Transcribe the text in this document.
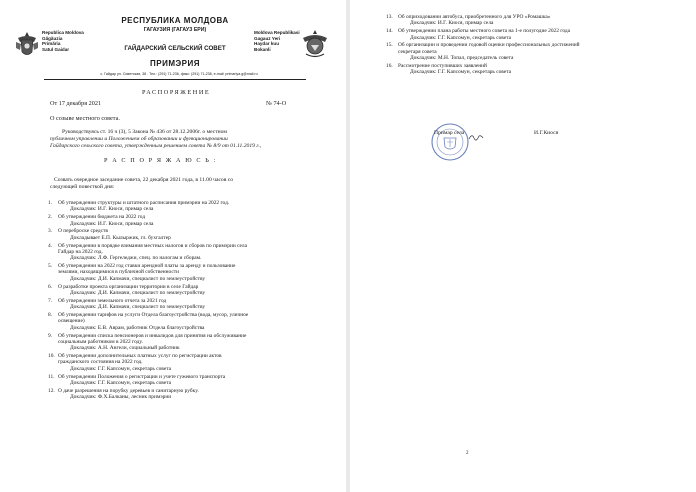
Republica Moldova
Găgăuzia
Primăria
Satul Gaidar
РЕСПУБЛИКА МОЛДОВА
ГАГАУЗИЯ (ГАГАУЗ ЕРИ)
ГАЙДАРСКИЙ СЕЛЬСКИЙ СОВЕТ
ПРИМЭРИЯ
Moldova Republikasi
Gagauz Yeri
Haydar kuu
Bokanli
с. Гайдар ул. Советская, 38 . Тел.: (291) 71-236, факс: (291) 71-238, e-mail: primariya.g@mail.ru
РАСПОРЯЖЕНИЕ
От 17 декабря 2021	№ 74-О
О созыве местного совета.
Руководствуясь ст. 16 ч (3), 5 Закона № 436 от 28.12.2006г. о местном
публичном управлении и Положением об образовании и функционировании
Гайдарского сельского совета, утвержденным решением совета № 8/9 от 01.11.2019 г.,
Р А С П О Р Я Ж А Ю С Ь :
Созвать очередное заседание совета, 22 декабря 2021 года, в 11.00 часов со
следующей повесткой дня:
1. Об утверждении структуры и штатного расписания примэрии на 2022 год.
Докладчик: И.Г. Киося, примар села
2. Об утверждении бюджета на 2022 год
Докладчик: И.Г. Киося, примар села
3. О переброске средств
Докладывает Е.П. Кылыржик, гл. бухгалтер
4. Об утверждении в порядке взимания местных налогов и сборов по примэрии села
Гайдар на 2022 год.
Докладчик: Л.Ф. Гергеледжи, спец. по налогам и сборам.
5. Об утверждении на 2022 год ставки арендной платы за аренду и пользование
землями, находящимися в публичной собственности
Докладчик: Д.И. Капмачи, специалист по землеустройству
6. О разработке проекта организации территории в селе Гайдар
Докладчик: Д.И. Капмачи, специалист по землеустройству
7. Об утверждении земельного отчета за 2021 год
Докладчик: Д.И. Капмачи, специалист по землеустройству
8. Об утверждении тарифов на услуги Отдела благоустройства (вода, мусор, уличное
освещение)
Докладчик: Е.В. Аврам, работник Отдела благоустройства
9. Об утверждении списка пенсионеров и инвалидов для принятия на обслуживание
социальным работником в 2022 году.
Докладчик: А.Н. Ангели, социальный работник
10. Об утверждении дополнительных платных услуг по регистрации актов
гражданского состояния на 2022 год.
Докладчик: Г.Г. Капсомун, секретарь совета
11. Об утверждении Положения о регистрации и учете гужевого транспорта
Докладчик: Г.Г. Капсомун, секретарь совета
12. О даче разрешения на порубку деревьев и санитарную рубку.
Докладчик: Ф.Х.Балканы, лесник примэрии
13. Об оприходовании автобуса, приобретенного для УРО «Ромашка»
Докладчик: И.Г. Киося, примар села
14. Об утверждении плана работы местного совета на 1-е полугодие 2022 года
Докладчик: Г.Г. Капсомун, секретарь совета
15. Об организации и проведении годовой оценки профессиональных достижений
секретаря совета
Докладчик: М.Н. Топал, председатель совета
16. Рассмотрение поступивших заявлений
Докладчик: Г.Г. Капсомун, секретарь совета
Примар села	И.Г.Киося
2
